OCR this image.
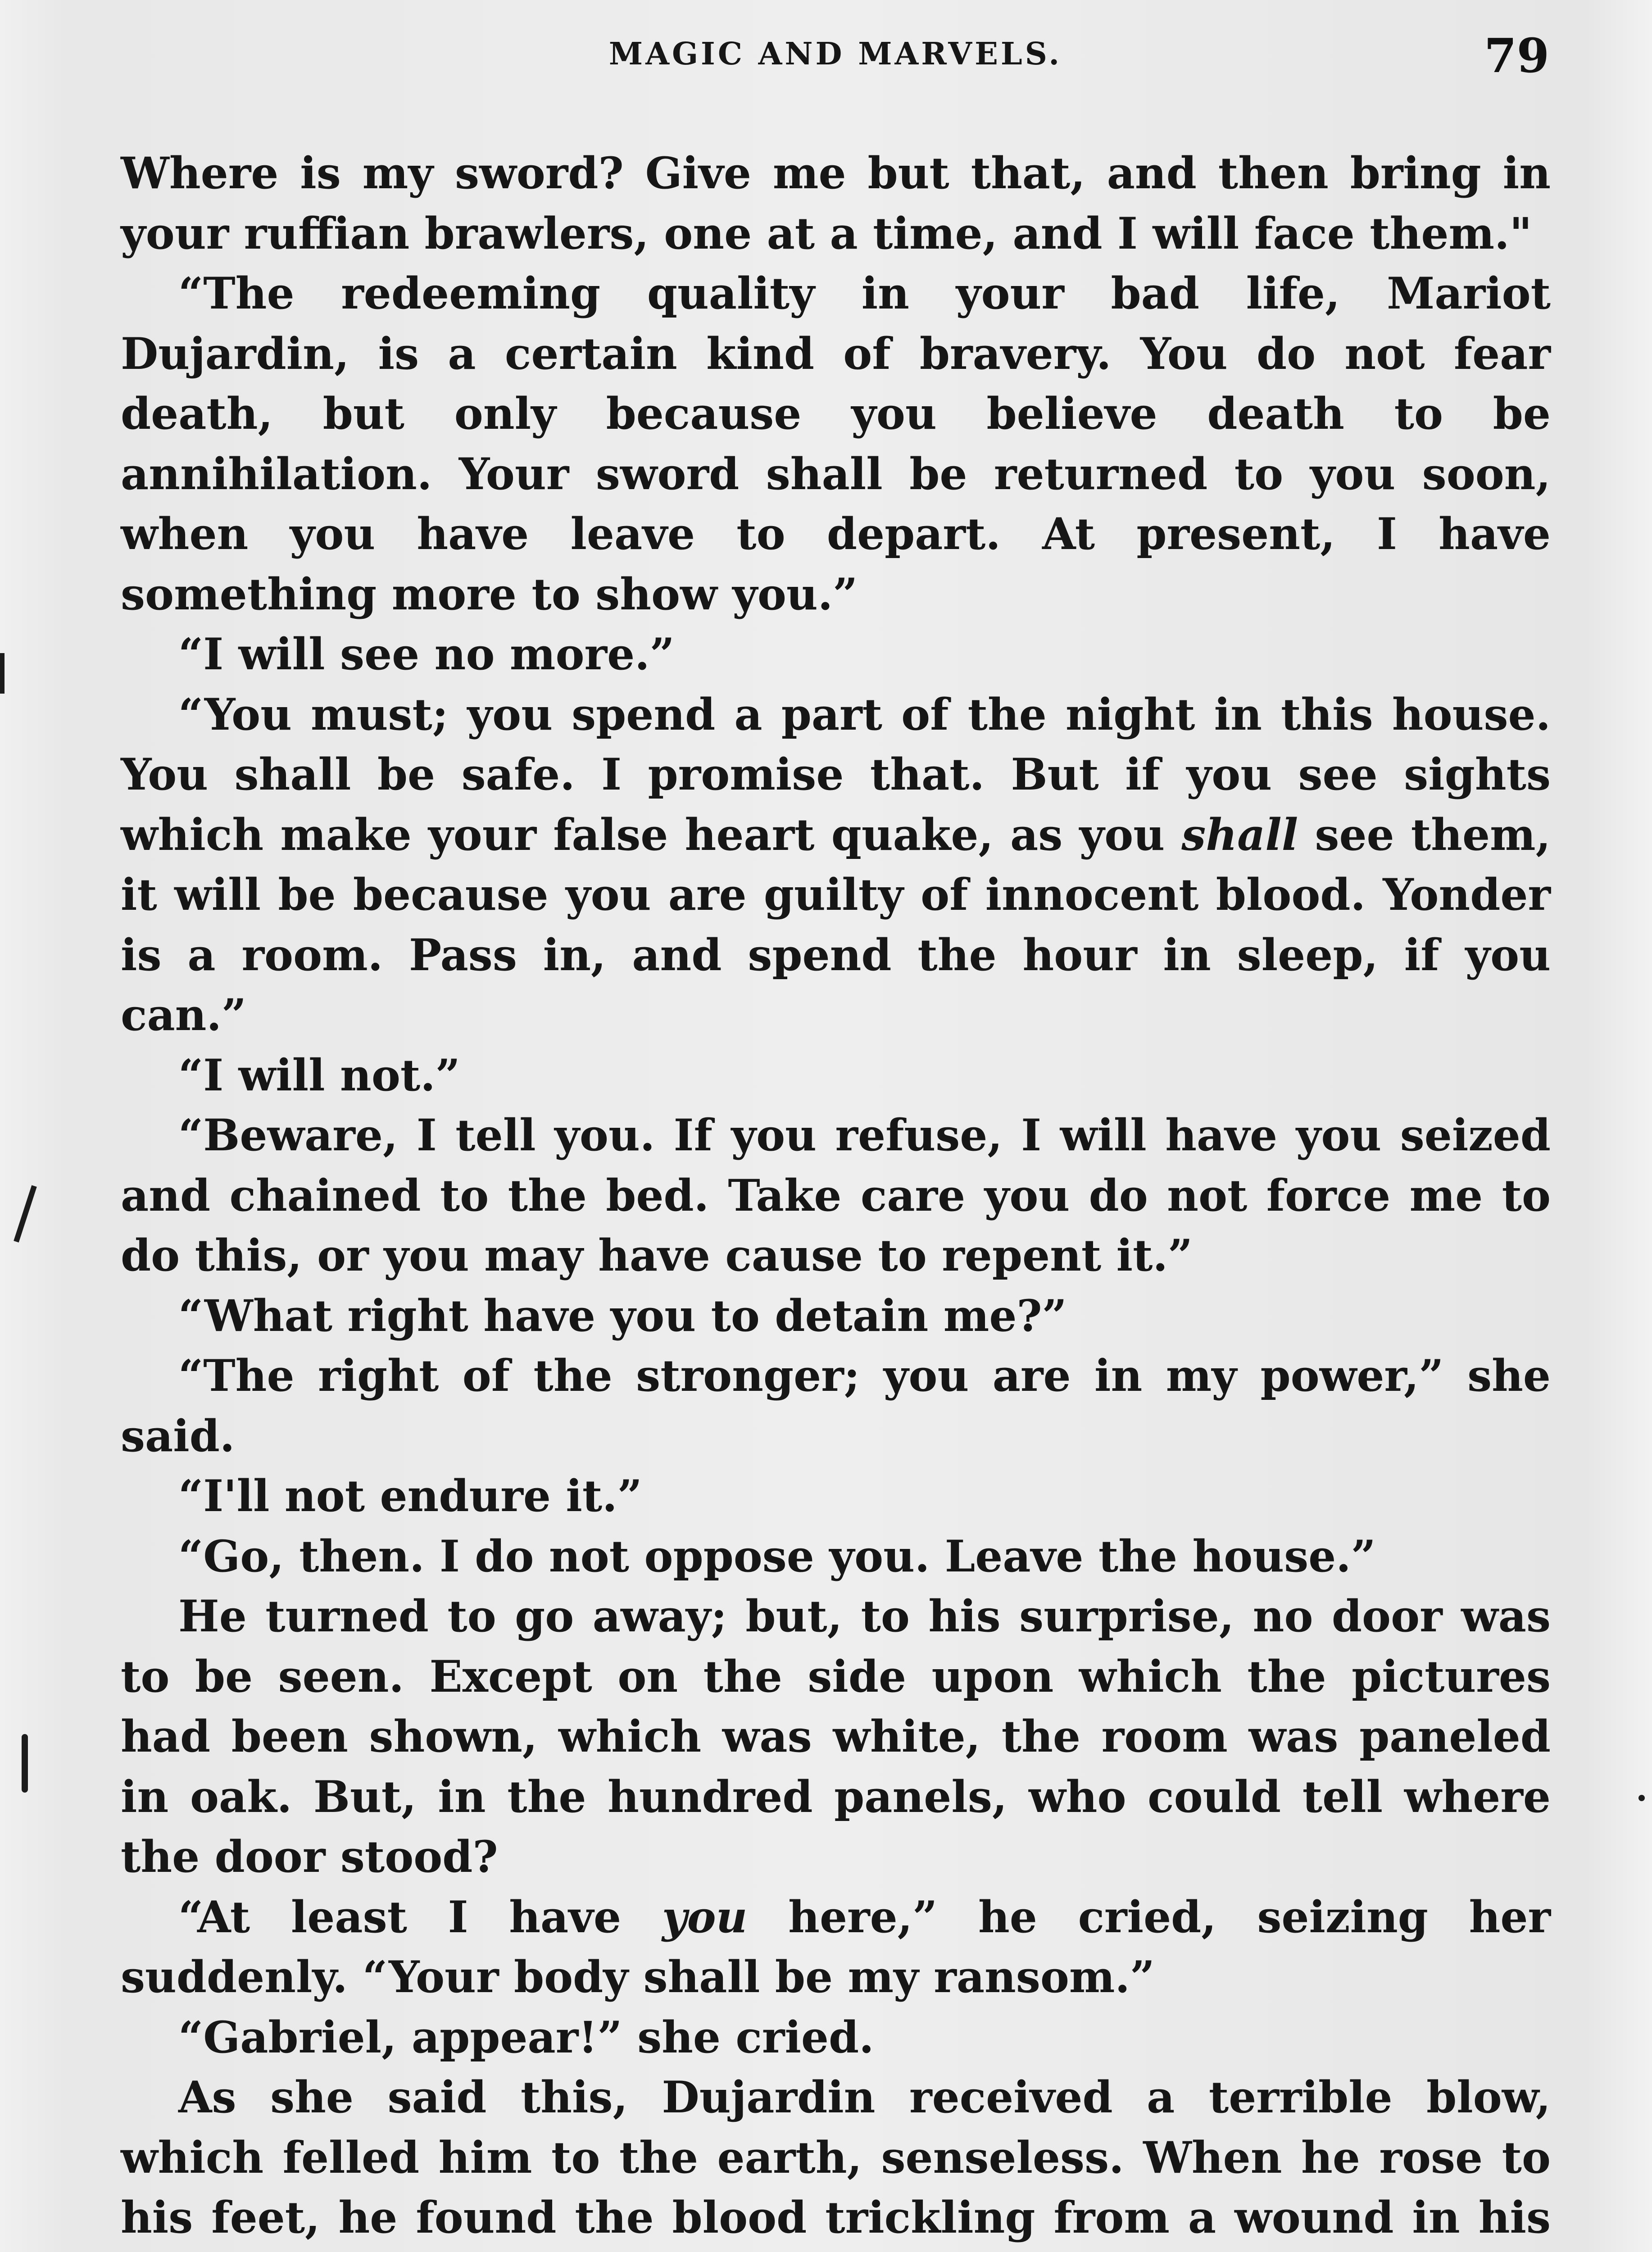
MAGIC AND MARVELS.	79

Where is my sword? Give me but that, and then bring in your ruffian brawlers, one at a time, and I will face them."

“The redeeming quality in your bad life, Mariot Dujardin, is a certain kind of bravery. You do not fear death, but only because you believe death to be annihilation. Your sword shall be returned to you soon, when you have leave to depart. At present, I have something more to show you.”

“I will see no more.”

“You must; you spend a part of the night in this house. You shall be safe. I promise that. But if you see sights which make your false heart quake, as you shall see them, it will be because you are guilty of innocent blood. Yonder is a room. Pass in, and spend the hour in sleep, if you can.”

“I will not.”

“Beware, I tell you. If you refuse, I will have you seized and chained to the bed. Take care you do not force me to do this, or you may have cause to repent it.”

“What right have you to detain me?”

“The right of the stronger; you are in my power,” she said.

“I'll not endure it.”

“Go, then. I do not oppose you. Leave the house.”

He turned to go away; but, to his surprise, no door was to be seen. Except on the side upon which the pictures had been shown, which was white, the room was paneled in oak. But, in the hundred panels, who could tell where the door stood?

“At least I have you here,” he cried, seizing her suddenly. “Your body shall be my ransom.”

“Gabriel, appear!” she cried.

As she said this, Dujardin received a terrible blow, which felled him to the earth, senseless. When he rose to his feet, he found the blood trickling from a wound in his
